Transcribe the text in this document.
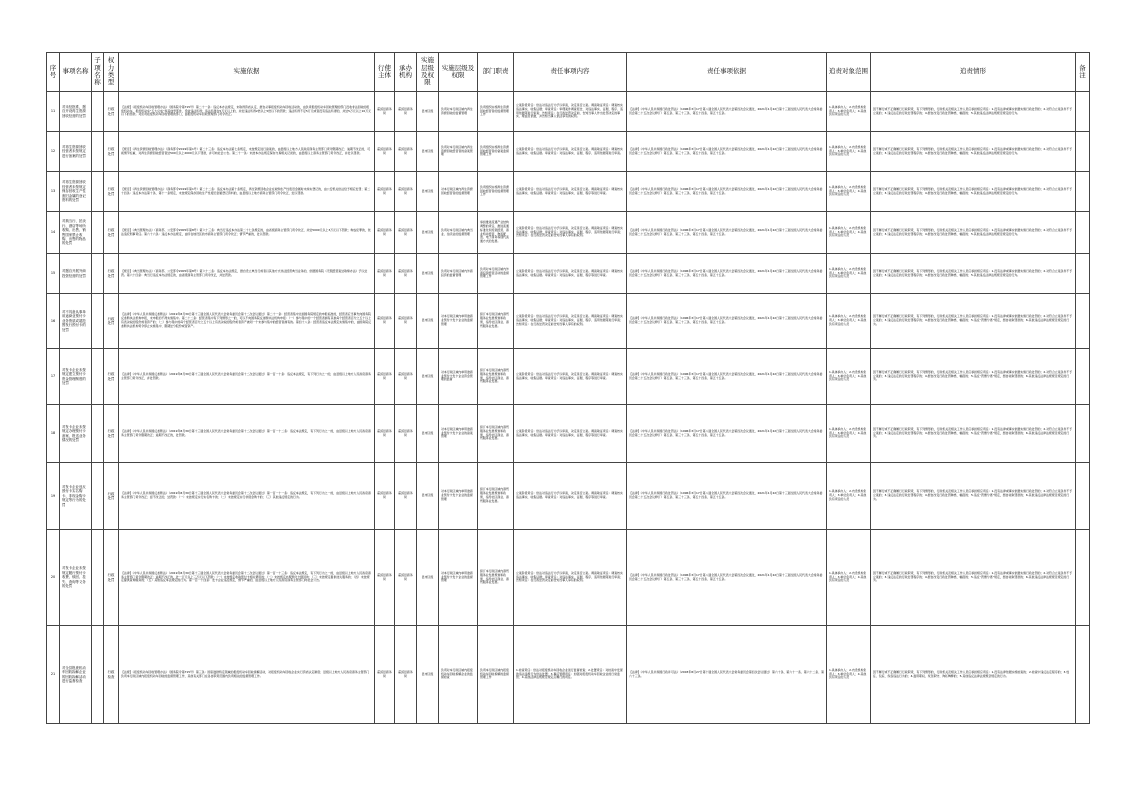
序号	事项名称	子项名称	权力类型	实施依据	行使主体	承办机构	实施层级及权限	实施层级及权限	部门职责	责任事项内容	责任事项依据	追责对象范围	追责情形	备注
11	对未经批准，擅自开设再生资源回收经营的处罚		行政处罚	【法规】《报废机动车回收管理办法》（国务院令第715号）第二十一条：违反本办法规定，未取得资质认定，擅自从事报废机动车回收活动的，由负责报废机动车回收管理的部门没收非法回收的报废机动车、报废机动车“五大总成”和其他零部件，没收违法所得；违法所得在5万元以上的，并处违法所得2倍以上5倍以下的罚款；违法所得不足5万元或者没有违法所得的，并处5万元以上10万元以下的罚款。对负责报废机动车回收管理的部门，由报废机动车回收管理部门责令改正。	霍邱县商务局	霍邱县商务局	县市区级	负责对本行政区域内再生资源回收的监督管理	负责组织实施再生资源回收经营者的监督管理工作	立案阶段责任：依法对违法行为予以审查，决定是否立案。调查取证责任：调查核实违法事实，收集证据；审查责任：审理案件调查报告，对违法事实、证据、程序、适用依据等进行审查；告知责任：在行政处罚决定前，告知当事人作出处罚决定的事实、理由及依据，并告知当事人依法享有的权利。	【法律】《中华人民共和国行政处罚法》（1996年3月17日第八届全国人民代表大会第四次会议通过，2021年1月22日第十三届全国人民代表大会常务委员会第二十五次会议修订）第五条、第三十三条、第五十四条、第五十五条。	1.具体承办人；2.内设机构负责人；3.单位负责人；4.其他负有责任的人员	因不履行或不正确履行行政职责，有下列情形的，行政机关及相关工作人员应承担相应责任：1.没有法律或事实依据实施行政处罚的；2.对符合立案条件不予立案的；3.违反法定的行政处罚程序的；4.擅自改变行政处罚种类、幅度的；5.其他违反法律法规规章规定的行为。	
12	对再生资源回收经营者未按规定进行备案的处罚		行政处罚	【规章】《再生资源回收管理办法》（商务部令2019年第1号）第二十三条：违反本办法第七条规定，未按规定进行备案的，由县级以上地方人民政府商务主管部门责令限期改正；逾期不改正的，可视情节轻重，对再生资源回收经营者处500元以上2000元以下罚款，并可向社会公告。第二十一条：未按本办法规定保存交易相关记录的，由县级以上商务主管部门责令改正，并处以罚款。	霍邱县商务局	霍邱县商务局	县市区级	负责对本行政区域内再生资源回收经营者的备案管理	负责组织实施再生资源回收经营者的备案监督管理工作	立案阶段责任：依法对违法行为予以审查，决定是否立案。调查取证责任：调查核实违法事实，收集证据。审查责任：对违法事实、证据、程序、适用依据等进行审查。	【法律】《中华人民共和国行政处罚法》（1996年3月17日第八届全国人民代表大会第四次会议通过，2021年1月22日第十三届全国人民代表大会常务委员会第二十五次会议修订）第五条、第三十三条、第五十四条、第五十五条。	1.具体承办人；2.内设机构负责人；3.单位负责人；4.其他负有责任的人员	因不履行或不正确履行行政职责，有下列情形的，行政机关及相关工作人员应承担相应责任：1.没有法律或事实依据实施行政处罚的；2.对符合立案条件不予立案的；3.违反法定的行政处罚程序的；4.擅自改变行政处罚种类、幅度的；5.其他违反法律法规规章规定的行为。	
13	对再生资源回收经营者未按规定保存回收生产性废旧金属的登记资料的处罚		行政处罚	【规章】《再生资源回收管理办法》（商务部令2019年第1号）第二十二条：违反本办法第十条规定，再生资源回收企业在收购生产性废旧金属时未如实登记的，由公安机关依法给予相应处罚；第二十四条：违反本办法第十条、第十一条规定，未按规定保存回收生产性废旧金属登记资料的，由县级以上地方商务主管部门责令改正，处以罚款。	霍邱县商务局	霍邱县商务局	县市区级	对本行政区域内再生资源回收经营者的监督管理	负责组织实施再生资源回收经营者的监督管理工作	立案阶段责任：依法对违法行为予以审查，决定是否立案。调查取证责任：调查核实违法事实，收集证据。审查责任：对违法事实、证据、程序等进行审查。	【法律】《中华人民共和国行政处罚法》（1996年3月17日第八届全国人民代表大会第四次会议通过，2021年1月22日第十三届全国人民代表大会常务委员会第二十五次会议修订）第五条、第三十三条、第五十四条、第五十五条。	1.具体承办人；2.内设机构负责人；3.单位负责人；4.其他负有责任的人员	因不履行或不正确履行行政职责，有下列情形的，行政机关及相关工作人员应承担相应责任：1.没有法律或事实依据实施行政处罚的；2.对符合立案条件不予立案的；3.违反法定的行政处罚程序的；4.擅自改变行政处罚种类、幅度的；5.其他违反法律法规规章规定的行为。	
14	对典当行、拍卖行、酒店等场所收购、出售、销售国家禁止收购、出售的物品的处罚		行政处罚	【规章】《典当管理办法》（商务部、公安部令2005年第8号）第六十三条：典当行违反本办法第二十七条规定的，由省级商务主管部门责令改正，并处5000元以上3万元以下罚款；构成犯罪的，依法追究刑事责任。第六十六条：违反本办法规定，由所在地设区的市商务主管部门责令改正；情节严重的，处以罚款。	霍邱县商务局	霍邱县商务局	县市区级	负责对本行政区域内典当业、拍卖业的监督管理	承担推进流通产业结构调整的责任，推进流通标准化和连锁经营、商业特许经营、物流配送、电子商务等现代流通方式的发展。	立案阶段责任：依法对违法行为予以审查，决定是否立案。调查取证责任：调查核实违法事实，收集证据；审查责任：对违法事实、证据、程序、适用依据等进行审查；告知责任：在行政处罚决定前告知当事人享有的权利。	【法律】《中华人民共和国行政处罚法》（1996年3月17日第八届全国人民代表大会第四次会议通过，2021年1月22日第十三届全国人民代表大会常务委员会第二十五次会议修订）第五条、第三十三条、第五十四条、第五十五条。	1.具体承办人；2.内设机构负责人；3.单位负责人；4.其他负有责任的人员	因不履行或不正确履行行政职责，有下列情形的，行政机关及相关工作人员应承担相应责任：1.没有法律或事实依据实施行政处罚的；2.对符合立案条件不予立案的；3.违反法定的行政处罚程序的；4.擅自改变行政处罚种类、幅度的；5.其他违反法律法规规章规定的行为。	
15	对擅自开展外商投资经营的处罚		行政处罚	【规章】《典当管理办法》（商务部、公安部令2005年第8号）第六十二条：违反本办法规定，擅自设立典当行或者以其他方式非法经营典当业务的，依据国务院《无照经营查处取缔办法》予以处罚。第六十四条：典当行违反本办法规定的，由省级商务主管部门责令改正，并处罚款。	霍邱县商务局	霍邱县商务局	县市区级	负责对本行政区域内外商投资的监督管理	负责对本行政区域内外商投资经营活动的监督管理工作	立案阶段责任：依法对违法行为予以审查，决定是否立案。调查取证责任：调查核实违法事实，收集证据。审查责任：对违法事实、证据、程序等进行审查。	【法律】《中华人民共和国行政处罚法》（1996年3月17日第八届全国人民代表大会第四次会议通过，2021年1月22日第十三届全国人民代表大会常务委员会第二十五次会议修订）第五条、第三十三条、第五十四条、第五十五条。	1.具体承办人；2.内设机构负责人；3.单位负责人；4.其他负有责任的人员	因不履行或不正确履行行政职责，有下列情形的，行政机关及相关工作人员应承担相应责任：1.没有法律或事实依据实施行政处罚的；2.对符合立案条件不予立案的；3.违反法定的行政处罚程序的；4.擅自改变行政处罚种类、幅度的；5.其他违反法律法规规章规定的行为。	
16	对不具备从事单用途商业预付卡业务资质或超范围发行预付卡的处罚		行政处罚	【法律】《中华人民共和国反垄断法》（2019年8月30日第十三届全国人民代表大会常务委员会第十二次会议通过）第二十一条：经营者集中达到国务院规定的申报标准的，经营者应当事先向国务院反垄断执法机构申报，未申报的不得实施集中。第二十二条：经营者集中有下列情形之一的，可以不向国务院反垄断执法机构申报：（一）参与集中的一个经营者拥有其他每个经营者百分之五十以上有表决权的股份或者资产的；（二）参与集中的每个经营者百分之五十以上有表决权的股份或者资产被同一个未参与集中的经营者拥有的。第四十八条：经营者违反本法规定实施集中的，由国务院反垄断执法机构责令停止实施集中、限期处分股份或者资产。	霍邱县商务局	霍邱县商务局	县市区级	对本行政区域内单用途商业预付卡发卡企业的监督管理	拟订本行政区域内商贸服务业发展规划和政策，指导社区商业、商贸服务业发展。	立案阶段责任：依法对违法行为予以审查，决定是否立案。调查取证责任：调查核实违法事实，收集证据；审查责任：对违法事实、证据、程序、适用依据等进行审查；告知责任：在行政处罚决定前告知当事人享有的权利。	【法律】《中华人民共和国行政处罚法》（1996年3月17日第八届全国人民代表大会第四次会议通过，2021年1月22日第十三届全国人民代表大会常务委员会第二十五次会议修订）第五条、第三十三条、第五十四条、第五十五条。	1.具体承办人；2.内设机构负责人；3.单位负责人；4.其他负有责任的人员	因不履行或不正确履行行政职责，有下列情形的，行政机关及相关工作人员应承担相应责任：1.没有法律或事实依据实施行政处罚的；2.对符合立案条件不予立案的；3.违反法定的行政处罚程序的；4.擅自改变行政处罚种类、幅度的；5.违反“罚缴分离”规定，擅自收取罚款的；6.其他违反法律法规规章规定的行为。	
17	对发卡企业未按规定建立预付卡资金管理制度的处罚		行政处罚	【法律】《中华人民共和国反垄断法》（2019年8月30日第十三届全国人民代表大会常务委员会第十二次会议通过）第一百一十条：违反本法规定，有下列行为之一的，由县级以上地方人民政府商务主管部门责令改正，并处罚款。	霍邱县商务局	霍邱县商务局	县市区级	对本行政区域内单用途商业预付卡发卡企业资金管理的监督	拟订本行政区域内商贸服务业发展规划和政策，指导社区商业、商贸服务业发展。	立案阶段责任：依法对违法行为予以审查，决定是否立案。调查取证责任：调查核实违法事实，收集证据。审查责任：对违法事实、证据、程序等进行审查。	【法律】《中华人民共和国行政处罚法》（1996年3月17日第八届全国人民代表大会第四次会议通过，2021年1月22日第十三届全国人民代表大会常务委员会第二十五次会议修订）第五条、第三十三条、第五十四条、第五十五条。	1.具体承办人；2.内设机构负责人；3.单位负责人；4.其他负有责任的人员	因不履行或不正确履行行政职责，有下列情形的，行政机关及相关工作人员应承担相应责任：1.没有法律或事实依据实施行政处罚的；2.对符合立案条件不予立案的；3.违反法定的行政处罚程序的；4.擅自改变行政处罚种类、幅度的；5.违反“罚缴分离”规定，擅自收取罚款的；6.其他违反法律法规规章规定的行为。	
18	对发卡企业未按规定办理预付卡备案、报送业务情况的处罚		行政处罚	【法律】《中华人民共和国反垄断法》（2019年8月30日第十三届全国人民代表大会常务委员会第十二次会议通过）第一百一十二条：违反本法规定，有下列行为之一的，由县级以上地方人民政府商务主管部门责令限期改正；逾期不改正的，处罚款。	霍邱县商务局	霍邱县商务局	县市区级	对本行政区域内单用途商业预付卡发卡企业的备案管理	拟订本行政区域内商贸服务业发展规划和政策，指导社区商业、商贸服务业发展。	立案阶段责任：依法对违法行为予以审查，决定是否立案。调查取证责任：调查核实违法事实，收集证据。审查责任：对违法事实、证据、程序等进行审查。	【法律】《中华人民共和国行政处罚法》（1996年3月17日第八届全国人民代表大会第四次会议通过，2021年1月22日第十三届全国人民代表大会常务委员会第二十五次会议修订）第五条、第三十三条、第五十四条、第五十五条。	1.具体承办人；2.内设机构负责人；3.单位负责人；4.其他负有责任的人员	因不履行或不正确履行行政职责，有下列情形的，行政机关及相关工作人员应承担相应责任：1.没有法律或事实依据实施行政处罚的；2.对符合立案条件不予立案的；3.违反法定的行政处罚程序的；4.擅自改变行政处罚种类、幅度的；5.违反“罚缴分离”规定，擅自收取罚款的；6.其他违反法律法规规章规定的行为。	
19	对发卡企业违反预付卡实名购卡、非现金购卡规定等行为的处罚		行政处罚	【法律】《中华人民共和国反垄断法》（2019年8月30日第十三届全国人民代表大会常务委员会第十二次会议通过）第一百一十一条：违反本法规定，有下列行为之一的，由县级以上地方人民政府商务主管部门责令改正；拒不改正的，处罚款：（一）未按规定实行实名购卡的；（二）未按规定实行非现金购卡的；（三）其他违反规定的行为。	霍邱县商务局	霍邱县商务局	县市区级	对本行政区域内单用途商业预付卡发卡企业的监督管理	拟订本行政区域内商贸服务业发展规划和政策，指导社区商业、商贸服务业发展。	立案阶段责任：依法对违法行为予以审查，决定是否立案。调查取证责任：调查核实违法事实，收集证据。审查责任：对违法事实、证据、程序等进行审查。	【法律】《中华人民共和国行政处罚法》（1996年3月17日第八届全国人民代表大会第四次会议通过，2021年1月22日第十三届全国人民代表大会常务委员会第二十五次会议修订）第五条、第三十三条、第五十四条、第五十五条。	1.具体承办人；2.内设机构负责人；3.单位负责人；4.其他负有责任的人员	因不履行或不正确履行行政职责，有下列情形的，行政机关及相关工作人员应承担相应责任：1.没有法律或事实依据实施行政处罚的；2.对符合立案条件不予立案的；3.违反法定的行政处罚程序的；4.擅自改变行政处罚种类、幅度的；5.违反“罚缴分离”规定，擅自收取罚款的；6.其他违反法律法规规章规定的行为。	
20	对发卡企业未按规定履行预付卡收费、赎回、挂失、查询等义务的处罚		行政处罚	【法律】《中华人民共和国反垄断法》（2019年8月30日第十三届全国人民代表大会常务委员会第十二次会议通过）第一百一十三条：违反本法规定，有下列行为之一的，由县级以上地方人民政府商务主管部门责令限期改正；逾期不改正的，处一万元以上三万元以下罚款：（一）未按规定收取预付卡相关费用的；（二）未按规定办理预付卡赎回的；（三）未按规定提供挂失服务的；（四）未按规定提供查询服务的；（五）其他违反本法规定的行为。第一百一十四条：发卡企业违反规定，情节严重的，由县级以上地方人民政府商务主管部门向社会公告。	霍邱县商务局	霍邱县商务局	县市区级	对本行政区域内单用途商业预付卡发卡企业的监督管理	拟订本行政区域内商贸服务业发展规划和政策，指导社区商业、商贸服务业发展。	立案阶段责任：依法对违法行为予以审查，决定是否立案。调查取证责任：调查核实违法事实，收集证据；审查责任：对违法事实、证据、程序、适用依据等进行审查；告知责任：在行政处罚决定前告知当事人享有的权利。	【法律】《中华人民共和国行政处罚法》（1996年3月17日第八届全国人民代表大会第四次会议通过，2021年1月22日第十三届全国人民代表大会常务委员会第二十五次会议修订）第五条、第三十三条、第五十四条、第五十五条。	1.具体承办人；2.内设机构负责人；3.单位负责人；4.其他负有责任的人员	因不履行或不正确履行行政职责，有下列情形的，行政机关及相关工作人员应承担相应责任：1.没有法律或事实依据实施行政处罚的；2.对符合立案条件不予立案的；3.违反法定的行政处罚程序的；4.擅自改变行政处罚种类、幅度的；5.违反“罚缴分离”规定，擅自收取罚款的；6.其他违反法律法规规章规定的行为。	
21	对全县报废机动车回收拆解企业的回收拆解活动进行监督检查		行政检查	【法规】《报废机动车回收管理办法》（国务院令第715号）第三条：国家鼓励特定领域的报废机动车回收拆解活动，对报废机动车回收企业实行资质认定制度；县级以上地方人民政府商务主管部门负责本行政区域内报废机动车回收的监督管理工作，其他有关部门在各自职责范围内负责相关的监督管理工作。	霍邱县商务局	霍邱县商务局	县市区级	负责对本行政区域内报废机动车回收拆解企业的监督检查	负责本行政区域内报废机动车回收拆解的监督管理工作	1.检查责任：依法对报废机动车回收企业进行监督检查；2.处置责任：对检查中发现的违法违规行为依法处置；3.事后管理责任：加强对报废机动车回收企业的日常监管；4.其他法律法规规章规定应履行的责任。	【法律】《中华人民共和国行政许可法》（2003年8月27日第十届全国人民代表大会常务委员会第四次会议通过）第六十条、第六十一条、第六十二条、第六十三条。	1.具体承办人；2.内设机构负责人；3.单位负责人；4.其他负有责任的人员	因不履行或不正确履行行政职责，有下列情形的，行政机关及相关工作人员应承担相应责任：1.没有法律依据实施检查的；2.检查中违反法定程序的；3.放任、包庇、纵容违法行为的；4.滥用职权、玩忽职守、徇私舞弊的；5.其他违反法律法规规章规定的行为。	
